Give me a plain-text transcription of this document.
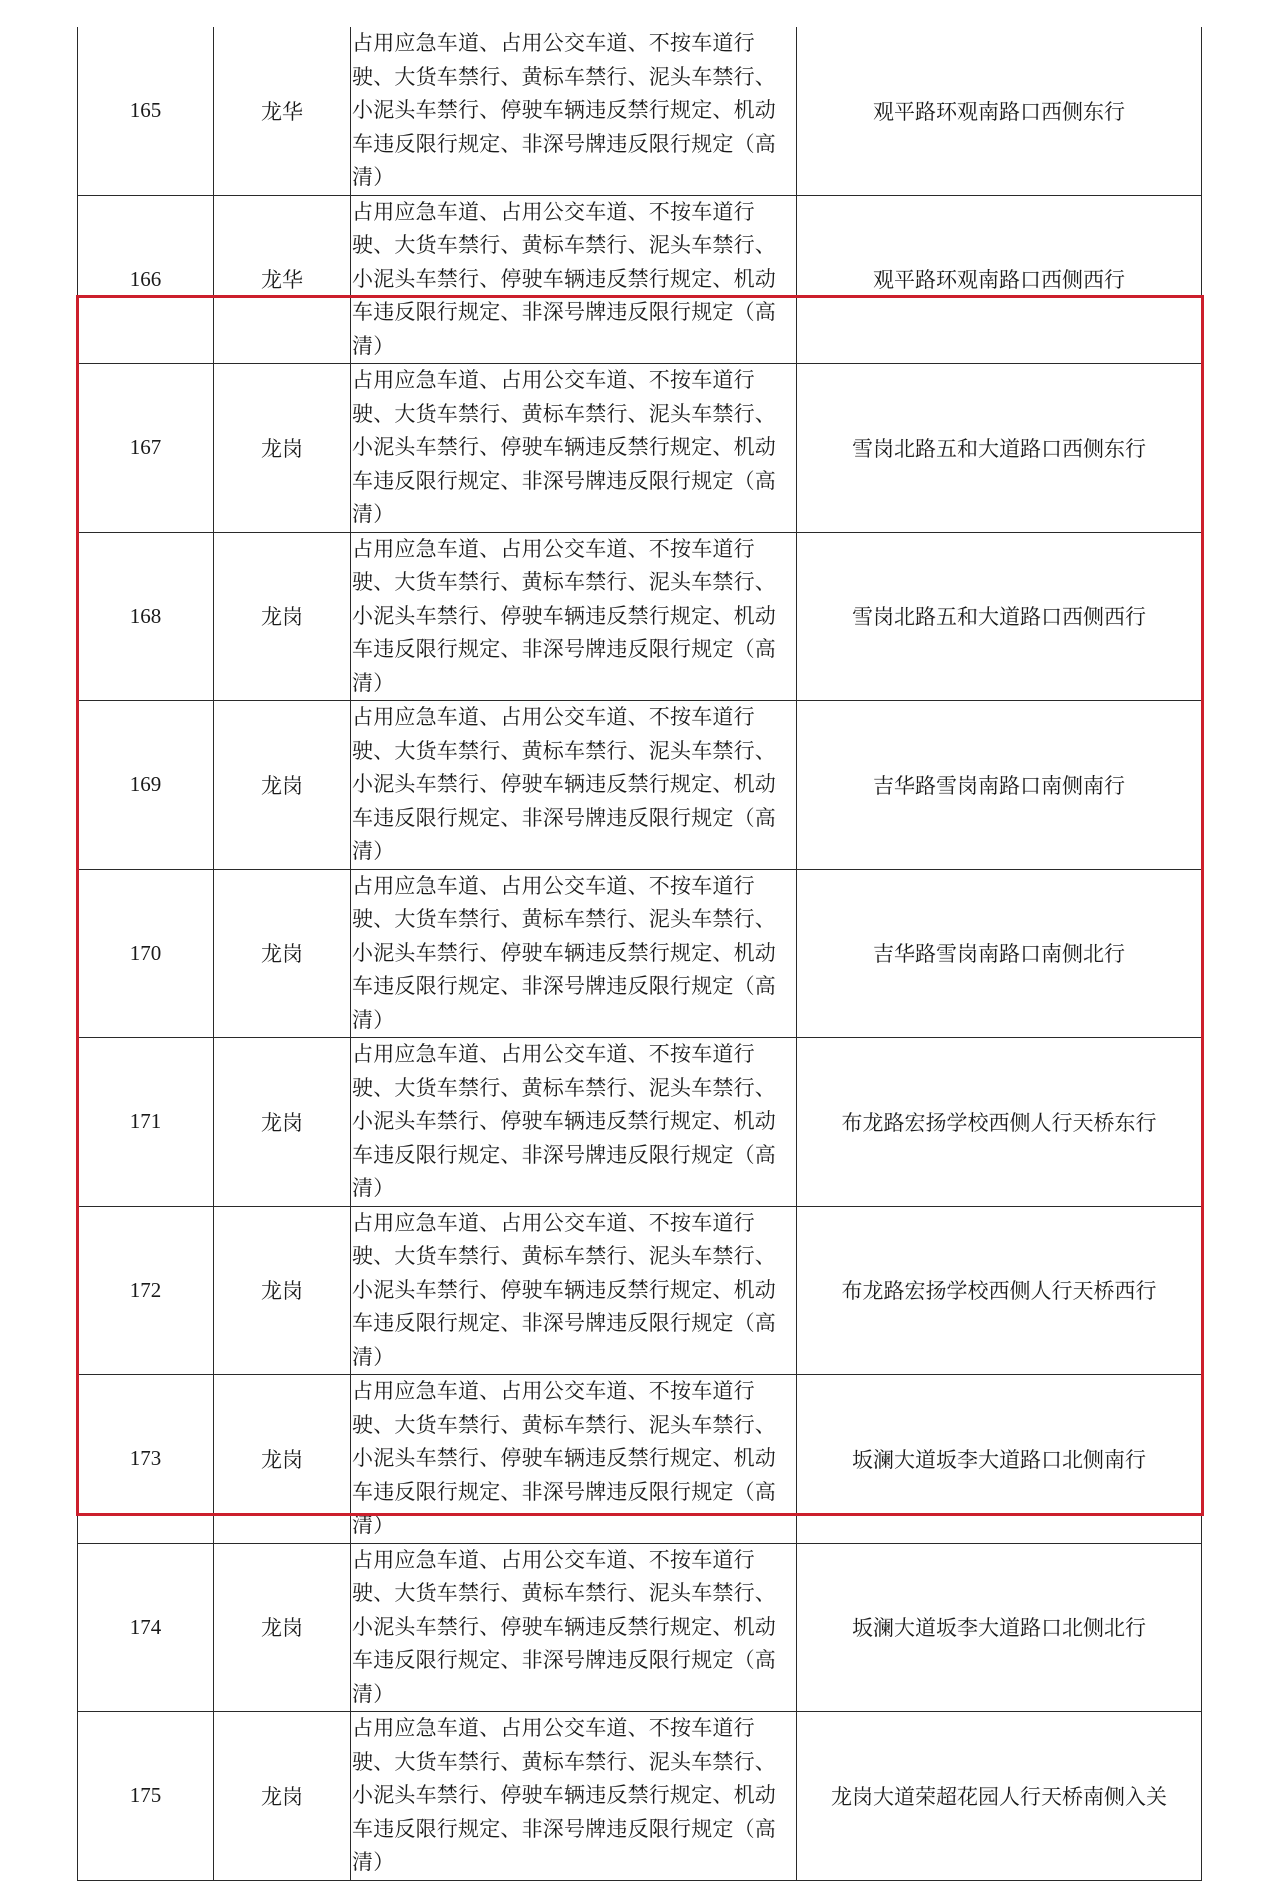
165	龙华	占用应急车道、占用公交车道、不按车道行驶、大货车禁行、黄标车禁行、泥头车禁行、小泥头车禁行、停驶车辆违反禁行规定、机动车违反限行规定、非深号牌违反限行规定（高清）	观平路环观南路口西侧东行
166	龙华	占用应急车道、占用公交车道、不按车道行驶、大货车禁行、黄标车禁行、泥头车禁行、小泥头车禁行、停驶车辆违反禁行规定、机动车违反限行规定、非深号牌违反限行规定（高清）	观平路环观南路口西侧西行
167	龙岗	占用应急车道、占用公交车道、不按车道行驶、大货车禁行、黄标车禁行、泥头车禁行、小泥头车禁行、停驶车辆违反禁行规定、机动车违反限行规定、非深号牌违反限行规定（高清）	雪岗北路五和大道路口西侧东行
168	龙岗	占用应急车道、占用公交车道、不按车道行驶、大货车禁行、黄标车禁行、泥头车禁行、小泥头车禁行、停驶车辆违反禁行规定、机动车违反限行规定、非深号牌违反限行规定（高清）	雪岗北路五和大道路口西侧西行
169	龙岗	占用应急车道、占用公交车道、不按车道行驶、大货车禁行、黄标车禁行、泥头车禁行、小泥头车禁行、停驶车辆违反禁行规定、机动车违反限行规定、非深号牌违反限行规定（高清）	吉华路雪岗南路口南侧南行
170	龙岗	占用应急车道、占用公交车道、不按车道行驶、大货车禁行、黄标车禁行、泥头车禁行、小泥头车禁行、停驶车辆违反禁行规定、机动车违反限行规定、非深号牌违反限行规定（高清）	吉华路雪岗南路口南侧北行
171	龙岗	占用应急车道、占用公交车道、不按车道行驶、大货车禁行、黄标车禁行、泥头车禁行、小泥头车禁行、停驶车辆违反禁行规定、机动车违反限行规定、非深号牌违反限行规定（高清）	布龙路宏扬学校西侧人行天桥东行
172	龙岗	占用应急车道、占用公交车道、不按车道行驶、大货车禁行、黄标车禁行、泥头车禁行、小泥头车禁行、停驶车辆违反禁行规定、机动车违反限行规定、非深号牌违反限行规定（高清）	布龙路宏扬学校西侧人行天桥西行
173	龙岗	占用应急车道、占用公交车道、不按车道行驶、大货车禁行、黄标车禁行、泥头车禁行、小泥头车禁行、停驶车辆违反禁行规定、机动车违反限行规定、非深号牌违反限行规定（高清）	坂澜大道坂李大道路口北侧南行
174	龙岗	占用应急车道、占用公交车道、不按车道行驶、大货车禁行、黄标车禁行、泥头车禁行、小泥头车禁行、停驶车辆违反禁行规定、机动车违反限行规定、非深号牌违反限行规定（高清）	坂澜大道坂李大道路口北侧北行
175	龙岗	占用应急车道、占用公交车道、不按车道行驶、大货车禁行、黄标车禁行、泥头车禁行、小泥头车禁行、停驶车辆违反禁行规定、机动车违反限行规定、非深号牌违反限行规定（高清）	龙岗大道荣超花园人行天桥南侧入关
